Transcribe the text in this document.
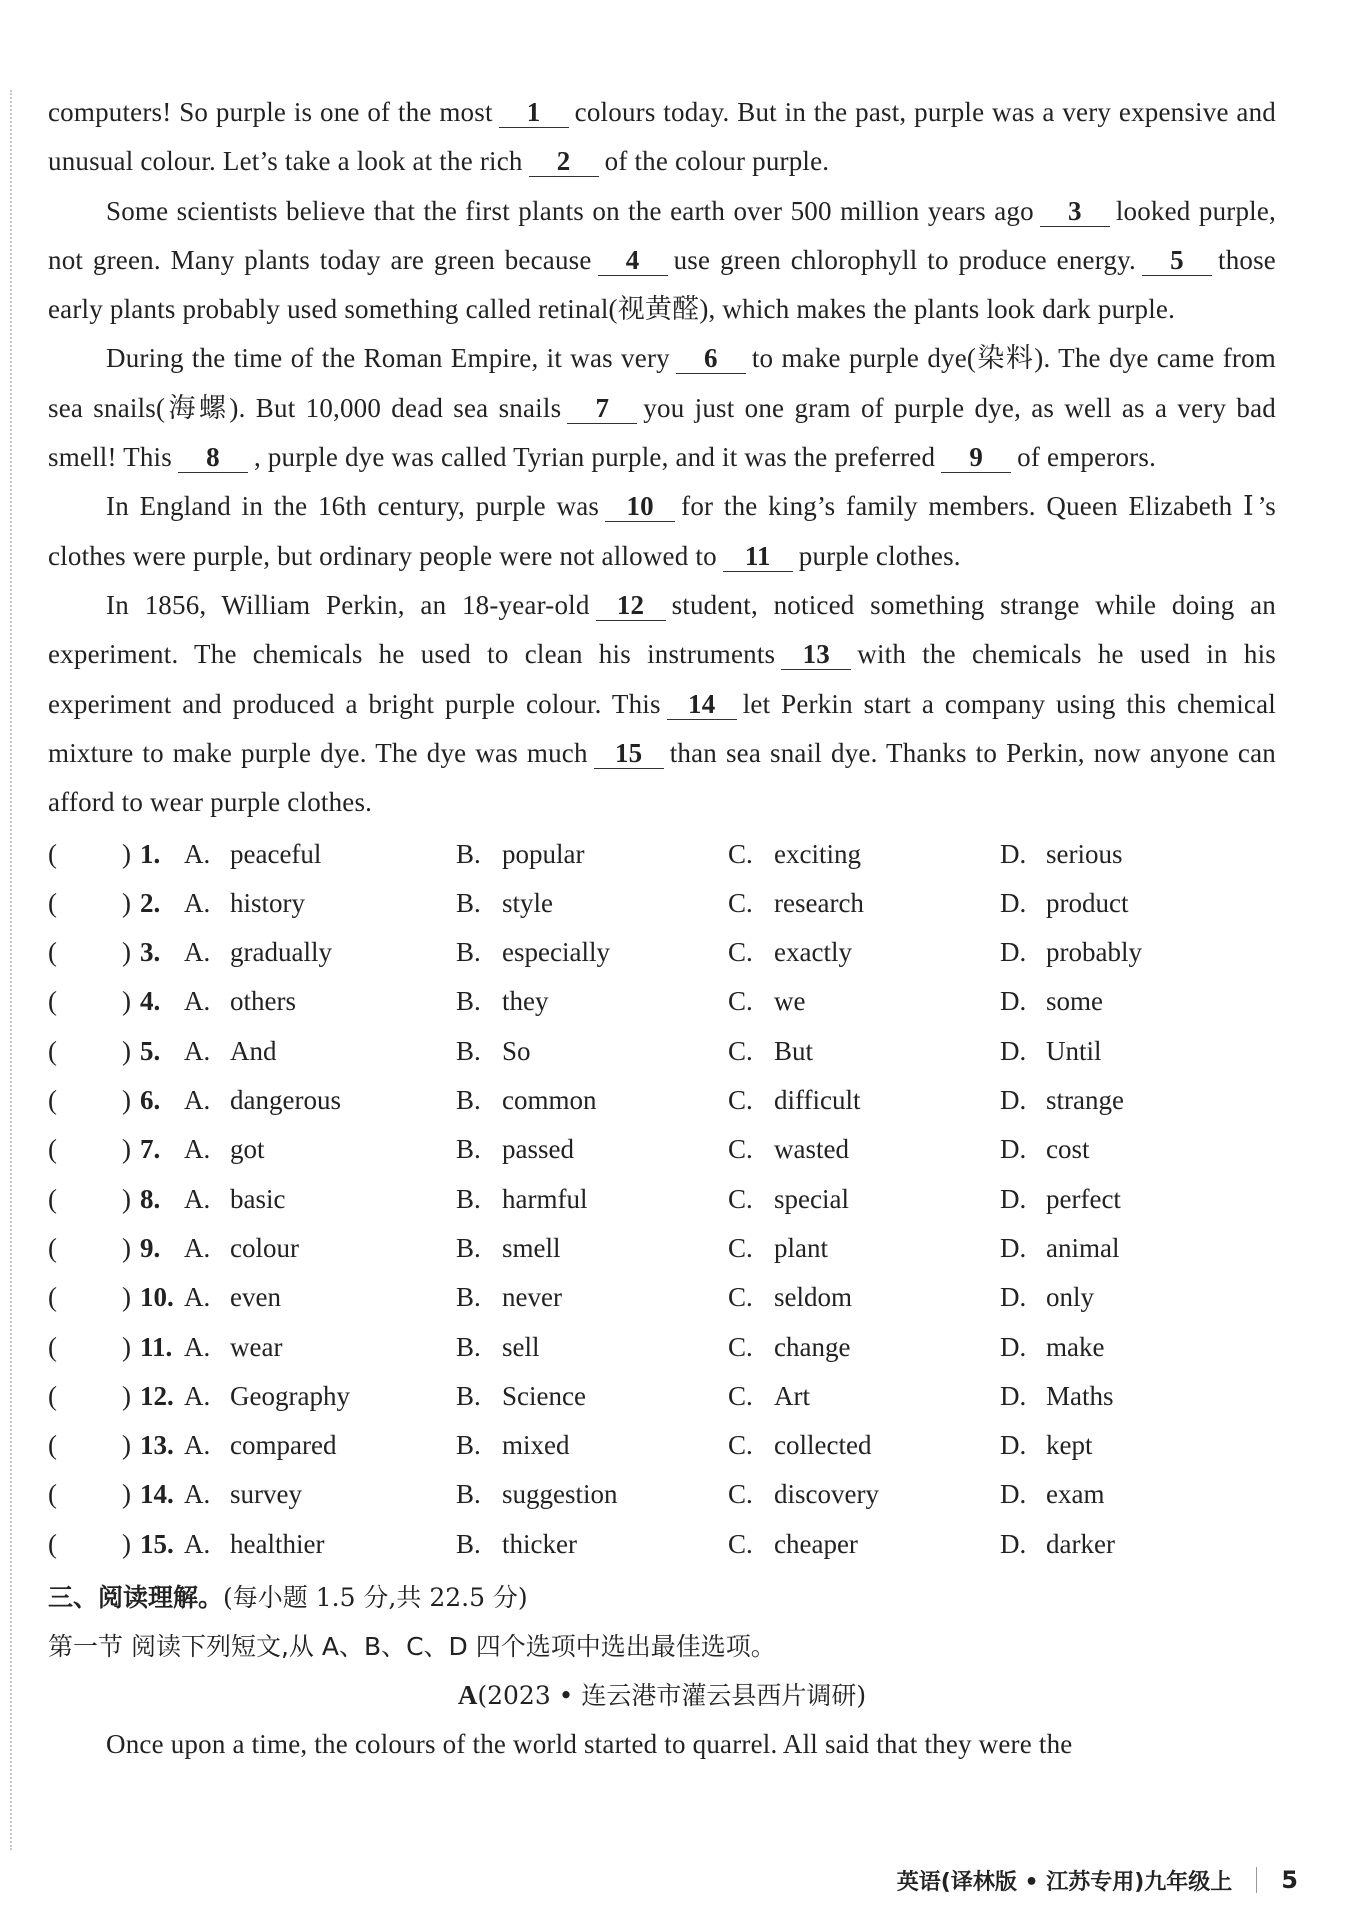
computers! So purple is one of the most 1 colours today. But in the past, purple was a very expensive and unusual colour. Let’s take a look at the rich 2 of the colour purple.

Some scientists believe that the first plants on the earth over 500 million years ago 3 looked purple, not green. Many plants today are green because 4 use green chlorophyll to produce energy. 5 those early plants probably used something called retinal(视黄醛), which makes the plants look dark purple.

During the time of the Roman Empire, it was very 6 to make purple dye(染料). The dye came from sea snails(海螺). But 10,000 dead sea snails 7 you just one gram of purple dye, as well as a very bad smell! This 8 , purple dye was called Tyrian purple, and it was the preferred 9 of emperors.

In England in the 16th century, purple was 10 for the king’s family members. Queen Elizabeth Ⅰ’s clothes were purple, but ordinary people were not allowed to 11 purple clothes.

In 1856, William Perkin, an 18-year-old 12 student, noticed something strange while doing an experiment. The chemicals he used to clean his instruments 13 with the chemicals he used in his experiment and produced a bright purple colour. This 14 let Perkin start a company using this chemical mixture to make purple dye. The dye was much 15 than sea snail dye. Thanks to Perkin, now anyone can afford to wear purple clothes.

(	) 1. A. peaceful	B. popular	C. exciting	D. serious
(	) 2. A. history	B. style	C. research	D. product
(	) 3. A. gradually	B. especially	C. exactly	D. probably
(	) 4. A. others	B. they	C. we	D. some
(	) 5. A. And	B. So	C. But	D. Until
(	) 6. A. dangerous	B. common	C. difficult	D. strange
(	) 7. A. got	B. passed	C. wasted	D. cost
(	) 8. A. basic	B. harmful	C. special	D. perfect
(	) 9. A. colour	B. smell	C. plant	D. animal
(	) 10. A. even	B. never	C. seldom	D. only
(	) 11. A. wear	B. sell	C. change	D. make
(	) 12. A. Geography	B. Science	C. Art	D. Maths
(	) 13. A. compared	B. mixed	C. collected	D. kept
(	) 14. A. survey	B. suggestion	C. discovery	D. exam
(	) 15. A. healthier	B. thicker	C. cheaper	D. darker
三、阅读理解。(每小题 1.5 分,共 22.5 分)
第一节 阅读下列短文,从 A、B、C、D 四个选项中选出最佳选项。
A(2023 • 连云港市灌云县西片调研)

Once upon a time, the colours of the world started to quarrel. All said that they were the

英语(译林版 • 江苏专用)九年级上 5
